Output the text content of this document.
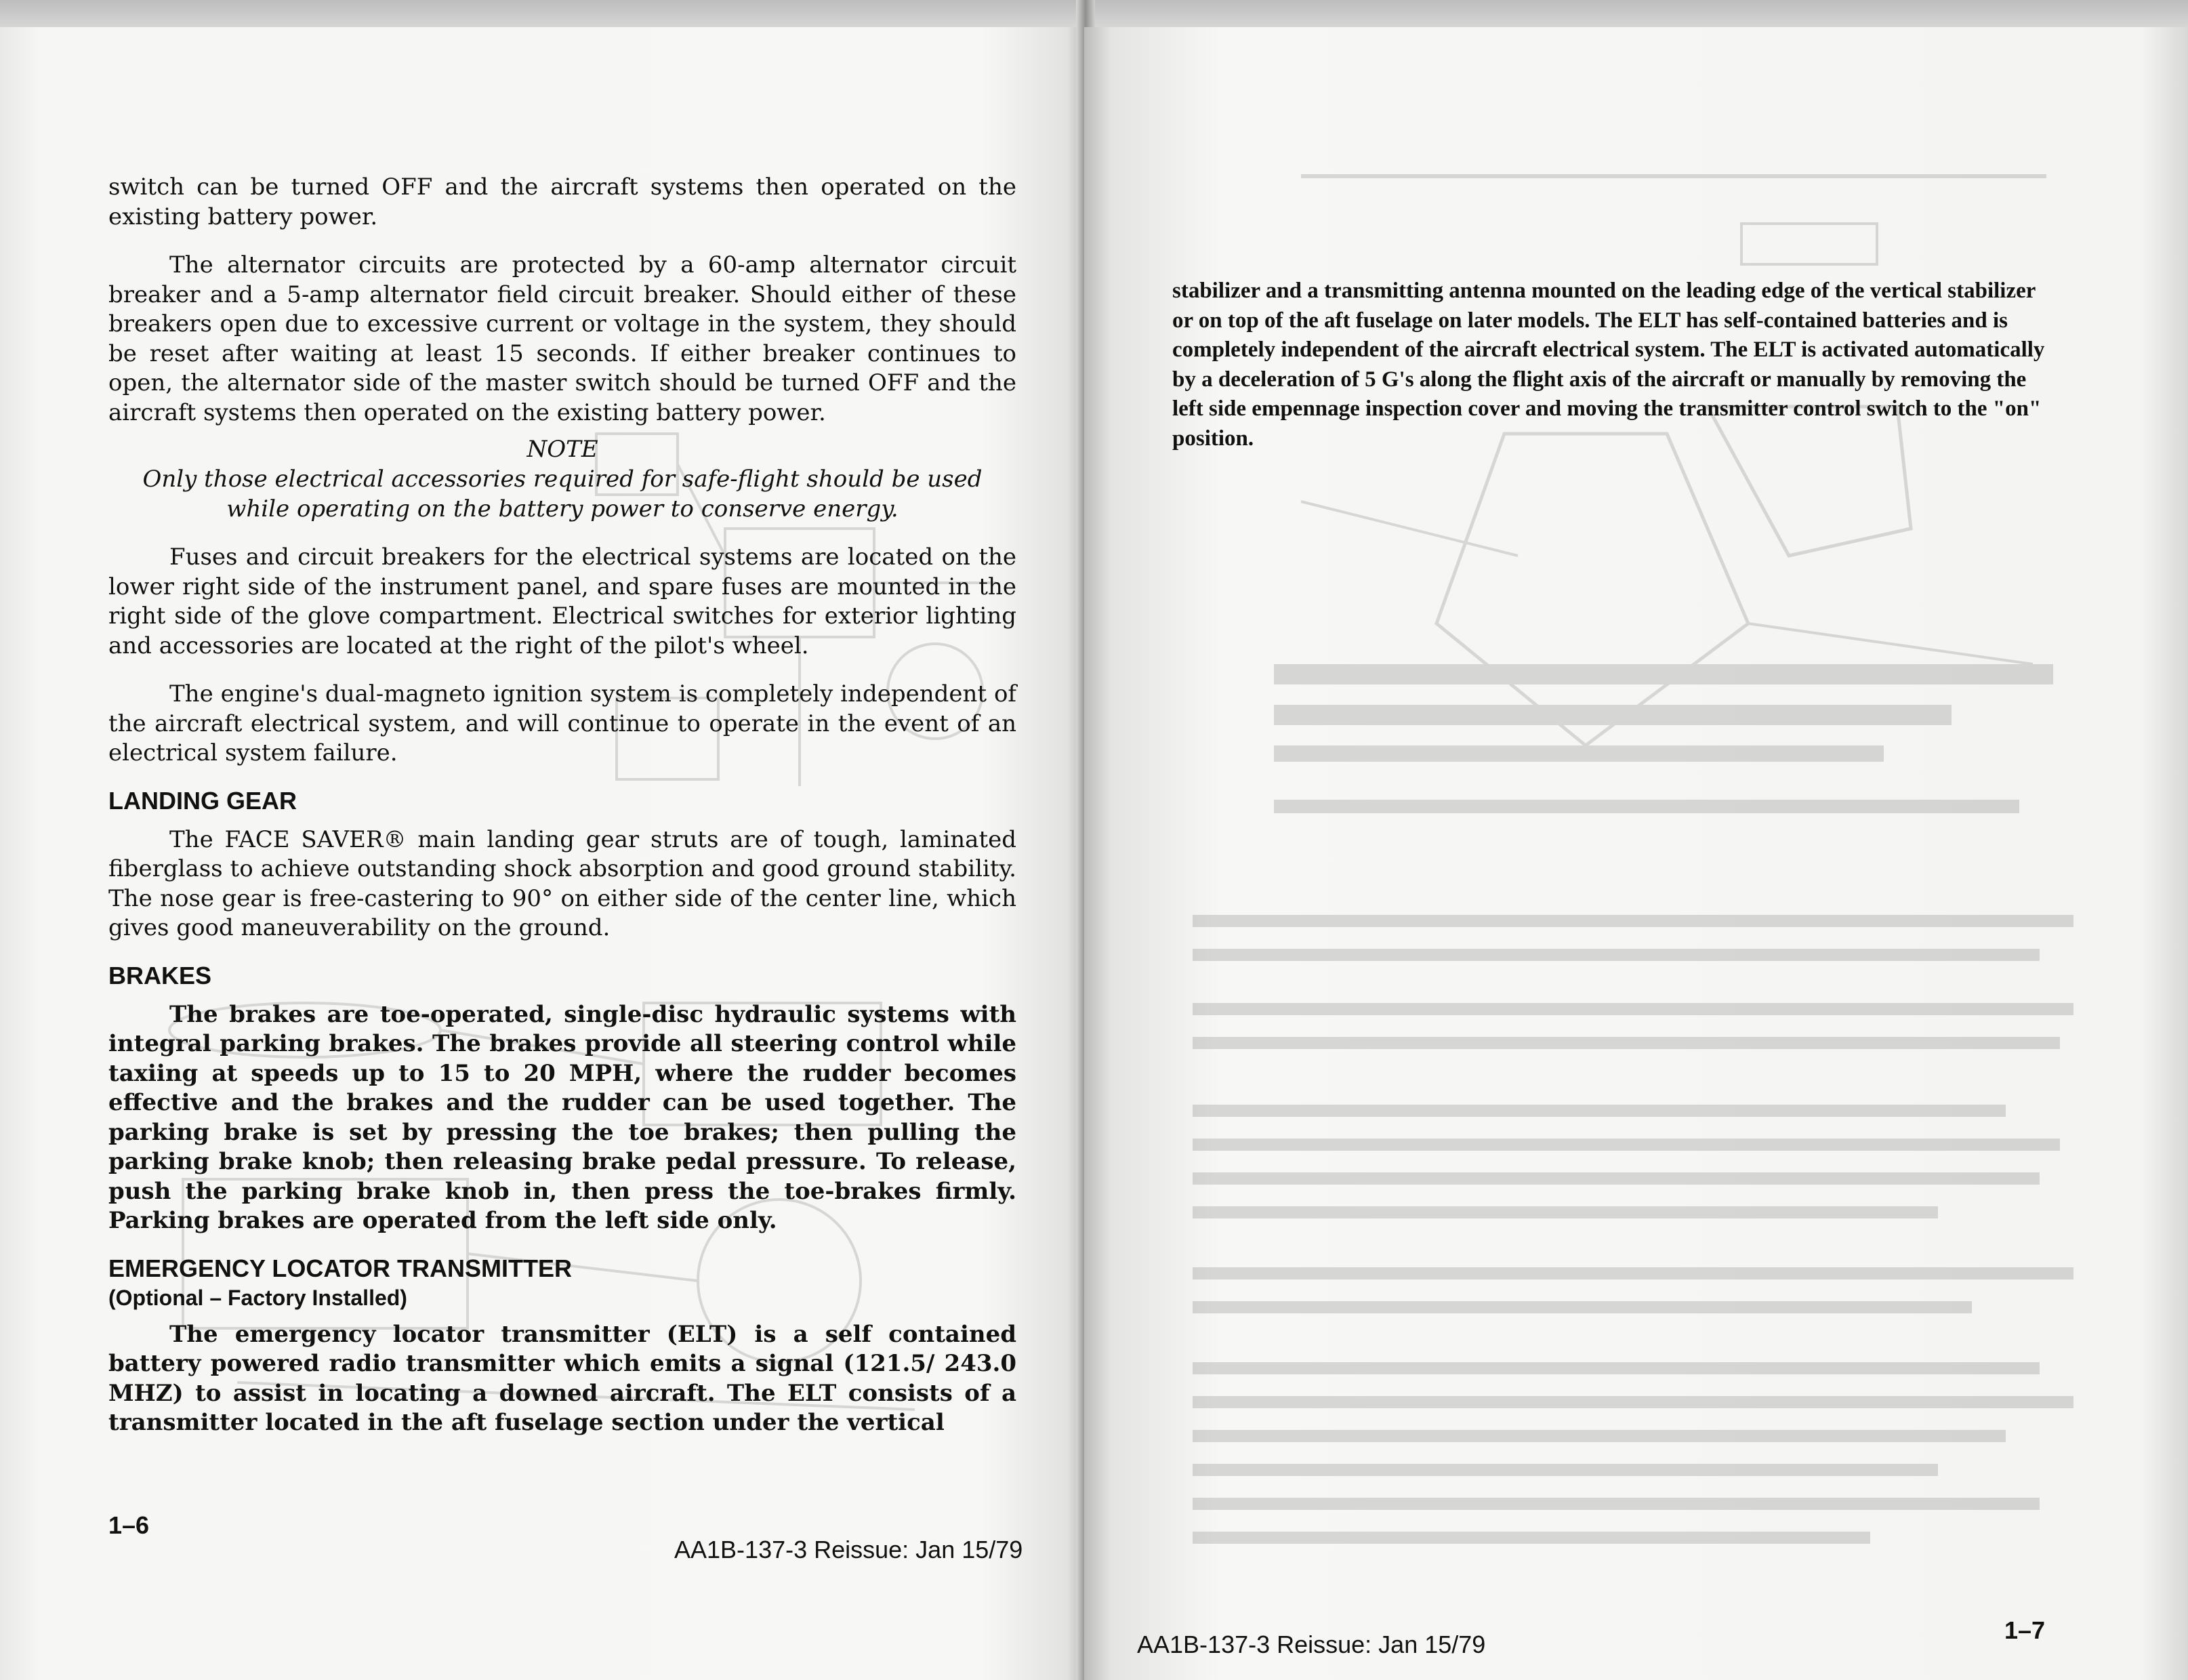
switch can be turned OFF and the aircraft systems then operated on the existing battery power.

The alternator circuits are protected by a 60-amp alternator circuit breaker and a 5-amp alternator field circuit breaker. Should either of these breakers open due to excessive current or voltage in the system, they should be reset after waiting at least 15 seconds. If either breaker continues to open, the alternator side of the master switch should be turned OFF and the aircraft systems then operated on the existing battery power.

NOTE
Only those electrical accessories required for safe-flight should be used while operating on the battery power to conserve energy.

Fuses and circuit breakers for the electrical systems are located on the lower right side of the instrument panel, and spare fuses are mounted in the right side of the glove compartment. Electrical switches for exterior lighting and accessories are located at the right of the pilot's wheel.

The engine's dual-magneto ignition system is completely independent of the aircraft electrical system, and will continue to operate in the event of an electrical system failure.

LANDING GEAR

The FACE SAVER® main landing gear struts are of tough, laminated fiberglass to achieve outstanding shock absorption and good ground stability. The nose gear is free-castering to 90° on either side of the center line, which gives good maneuverability on the ground.

BRAKES

The brakes are toe-operated, single-disc hydraulic systems with integral parking brakes. The brakes provide all steering control while taxiing at speeds up to 15 to 20 MPH, where the rudder becomes effective and the brakes and the rudder can be used together. The parking brake is set by pressing the toe brakes; then pulling the parking brake knob; then releasing brake pedal pressure. To release, push the parking brake knob in, then press the toe-brakes firmly. Parking brakes are operated from the left side only.

EMERGENCY LOCATOR TRANSMITTER
(Optional – Factory Installed)

The emergency locator transmitter (ELT) is a self contained battery powered radio transmitter which emits a signal (121.5/ 243.0 MHZ) to assist in locating a downed aircraft. The ELT consists of a transmitter located in the aft fuselage section under the vertical

1–6
AA1B-137-3 Reissue: Jan 15/79

stabilizer and a transmitting antenna mounted on the leading edge of the vertical stabilizer or on top of the aft fuselage on later models. The ELT has self-contained batteries and is completely independent of the aircraft electrical system. The ELT is activated automatically by a deceleration of 5 G's along the flight axis of the aircraft or manually by removing the left side empennage inspection cover and moving the transmitter control switch to the "on" position.

AA1B-137-3 Reissue: Jan 15/79
1–7
